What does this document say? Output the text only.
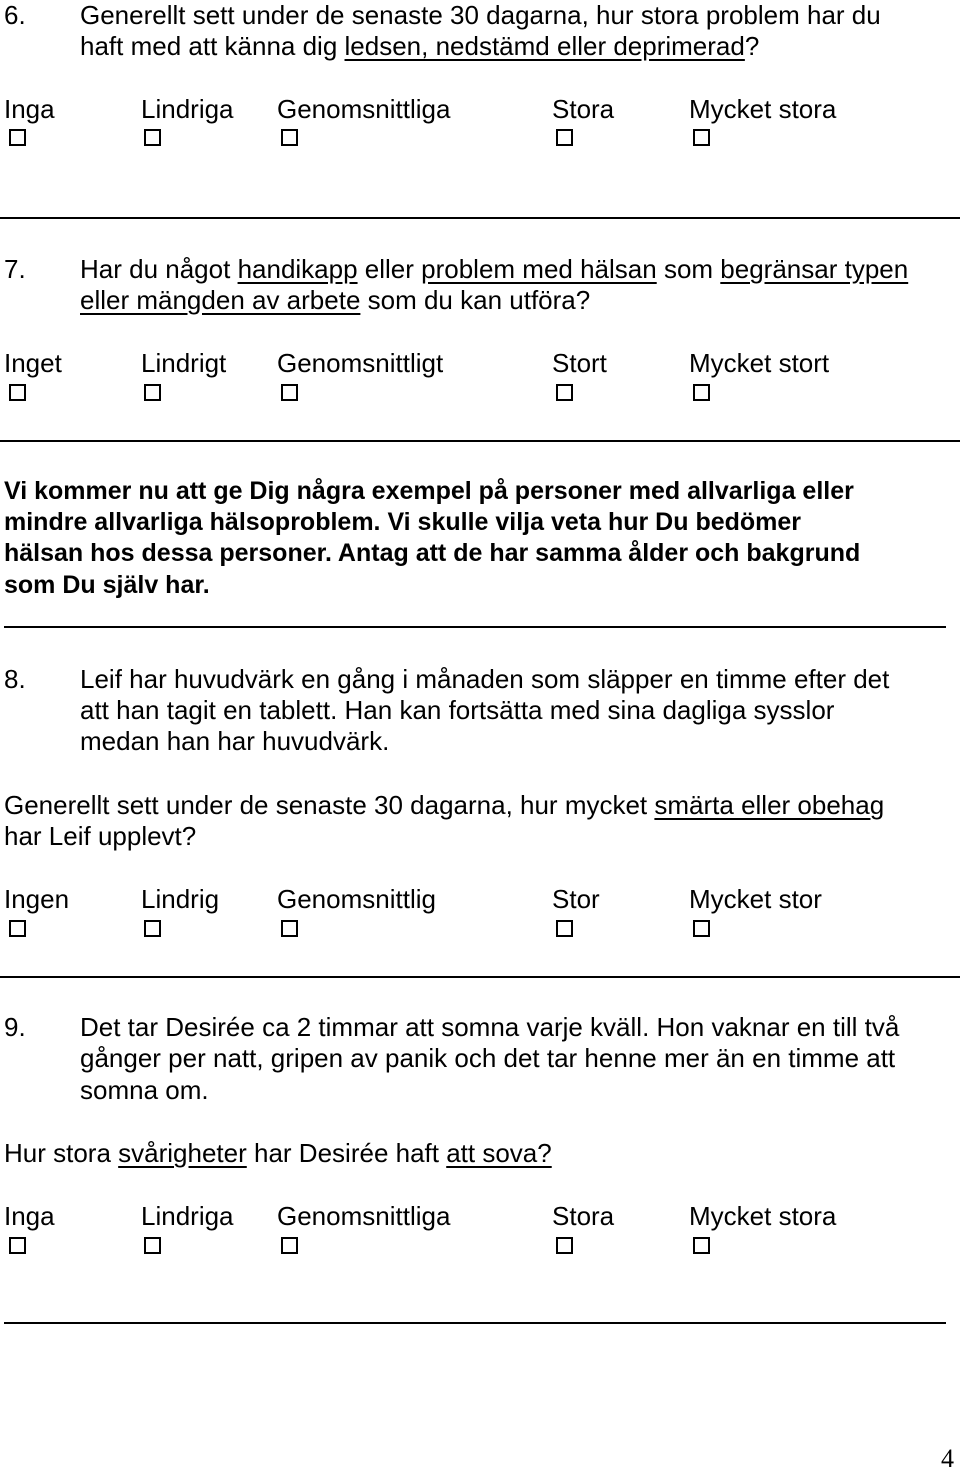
6. Generellt sett under de senaste 30 dagarna, hur stora problem har du
haft med att känna dig ledsen, nedstämd eller deprimerad?
Inga	Lindriga Genomsnittliga	Stora	Mycket stora
7. Har du något handikapp eller problem med hälsan som begränsar typen
eller mängden av arbete som du kan utföra?
Inget	Lindrigt Genomsnittligt	Stort	Mycket stort
Vi kommer nu att ge Dig några exempel på personer med allvarliga eller
mindre allvarliga hälsoproblem. Vi skulle vilja veta hur Du bedömer
hälsan hos dessa personer. Antag att de har samma ålder och bakgrund
som Du själv har.
8. Leif har huvudvärk en gång i månaden som släpper en timme efter det
att han tagit en tablett. Han kan fortsätta med sina dagliga sysslor
medan han har huvudvärk.
Generellt sett under de senaste 30 dagarna, hur mycket smärta eller obehag
har Leif upplevt?
Ingen	Lindrig Genomsnittlig	Stor	Mycket stor
9. Det tar Desirée ca 2 timmar att somna varje kväll. Hon vaknar en till två
gånger per natt, gripen av panik och det tar henne mer än en timme att
somna om.
Hur stora svårigheter har Desirée haft att sova?
Inga	Lindriga Genomsnittliga	Stora	Mycket stora
4
